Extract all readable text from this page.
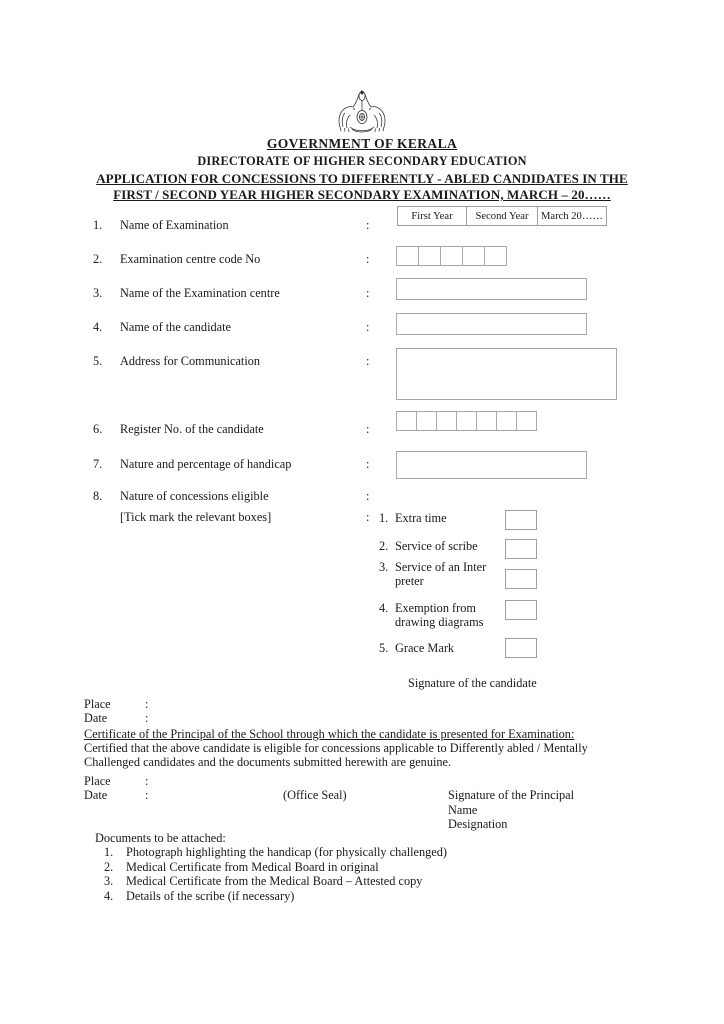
GOVERNMENT OF KERALA
DIRECTORATE OF HIGHER SECONDARY EDUCATION
APPLICATION FOR CONCESSIONS TO DIFFERENTLY - ABLED CANDIDATES IN THE
FIRST / SECOND YEAR HIGHER SECONDARY EXAMINATION, MARCH – 20……
1.	Name of Examination	:
First Year	Second Year	March 20……
2.	Examination centre code No	:
3.	Name of the Examination centre	:
4.	Name of the candidate	:
5.	Address for Communication	:
6.	Register No. of the candidate	:
7.	Nature and percentage of handicap	:
8.	Nature of concessions eligible	:
[Tick mark the relevant boxes]	: 1. Extra time
2. Service of scribe
3. Service of an Inter preter
4. Exemption from drawing diagrams
5. Grace Mark
Signature of the candidate
Place	:
Date	:
Certificate of the Principal of the School through which the candidate is presented for Examination:
Certified that the above candidate is eligible for concessions applicable to Differently abled / Mentally Challenged candidates and the documents submitted herewith are genuine.
Place	:
Date	:	(Office Seal)	Signature of the Principal
Name
Designation
Documents to be attached:
1.	Photograph highlighting the handicap (for physically challenged)
2.	Medical Certificate from Medical Board in original
3.	Medical Certificate from the Medical Board – Attested copy
4.	Details of the scribe (if necessary)
